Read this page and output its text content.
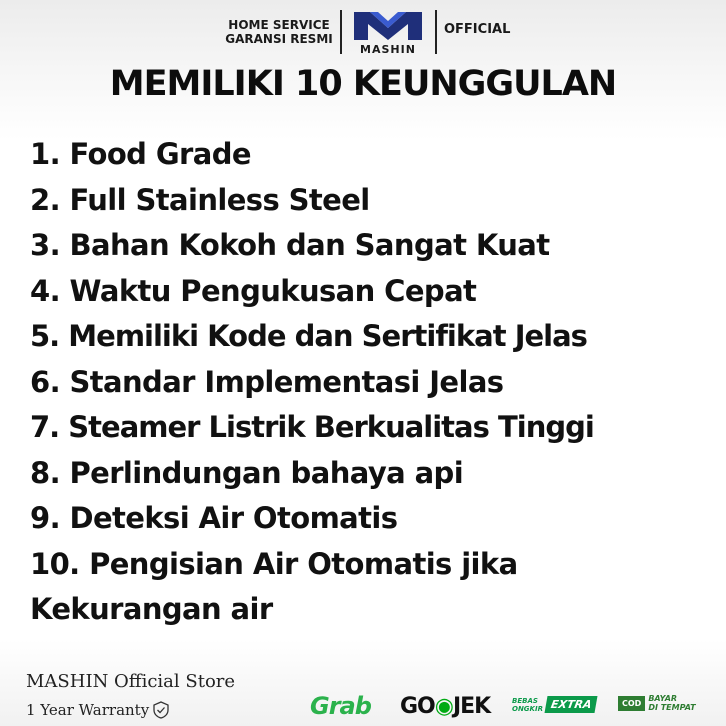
HOME SERVICE
GARANSI RESMI
MASHIN
OFFICIAL
MEMILIKI 10 KEUNGGULAN
1. Food Grade
2. Full Stainless Steel
3. Bahan Kokoh dan Sangat Kuat
4. Waktu Pengukusan Cepat
5. Memiliki Kode dan Sertifikat Jelas
6. Standar Implementasi Jelas
7. Steamer Listrik Berkualitas Tinggi
8. Perlindungan bahaya api
9. Deteksi Air Otomatis
10. Pengisian Air Otomatis jika
Kekurangan air
MASHIN Official Store
1 Year Warranty	Grab GO◉JEK	BEBAS
ONGKIR EXTRA	COD BAYAR
DI TEMPAT
